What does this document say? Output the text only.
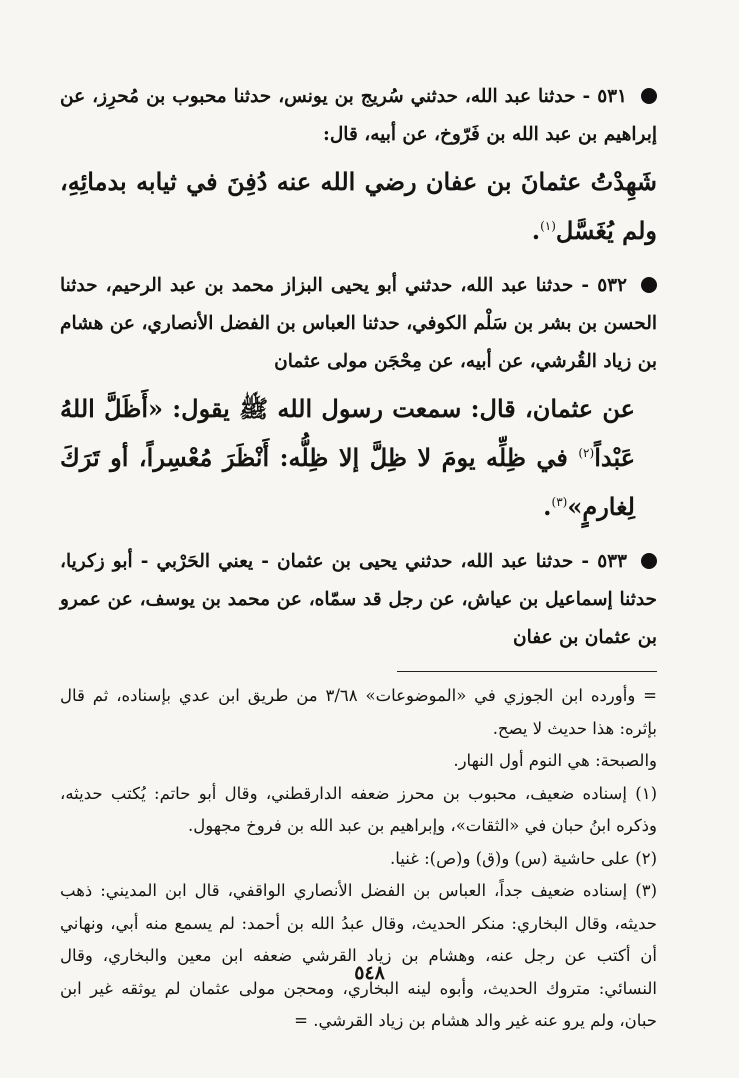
٥٣١ - حدثنا عبد الله، حدثني سُريج بن يونس، حدثنا محبوب بن مُحرِز، عن إبراهيم بن عبد الله بن فَرّوخ، عن أبيه، قال:

شَهِدْتُ عثمانَ بن عفان رضي الله عنه دُفِنَ في ثيابه بدمائِهِ، ولم يُغَسَّل$^{(١)}$.

٥٣٢ - حدثنا عبد الله، حدثني أبو يحيى البزاز محمد بن عبد الرحيم، حدثنا الحسن بن بشر بن سَلْم الكوفي، حدثنا العباس بن الفضل الأنصاري، عن هشام بن زياد القُرشي، عن أبيه، عن مِحْجَن مولى عثمان

عن عثمان، قال: سمعت رسول الله ﷺ يقول: «أَظَلَّ اللهُ عَبْداً$^{(٢)}$ في ظِلِّه يومَ لا ظِلَّ إلا ظِلُّه: أَنْظَرَ مُعْسِراً، أو تَرَكَ لِغارمٍ»$^{(٣)}$.

٥٣٣ - حدثنا عبد الله، حدثني يحيى بن عثمان - يعني الحَرْبي - أبو زكريا، حدثنا إسماعيل بن عياش، عن رجل قد سمّاه، عن محمد بن يوسف، عن عمرو بن عثمان بن عفان

= وأورده ابن الجوزي في «الموضوعات» ٣/٦٨ من طريق ابن عدي بإسناده، ثم قال بإثره: هذا حديث لا يصح.

والصبحة: هي النوم أول النهار.

(١) إسناده ضعيف، محبوب بن محرز ضعفه الدارقطني، وقال أبو حاتم: يُكتب حديثه، وذكره ابنُ حبان في «الثقات»، وإبراهيم بن عبد الله بن فروخ مجهول.

(٢) على حاشية (س) و(ق) و(ص): غنيا.

(٣) إسناده ضعيف جداً، العباس بن الفضل الأنصاري الواقفي، قال ابن المديني: ذهب حديثه، وقال البخاري: منكر الحديث، وقال عبدُ الله بن أحمد: لم يسمع منه أبي، ونهاني أن أكتب عن رجل عنه، وهشام بن زياد القرشي ضعفه ابن معين والبخاري، وقال النسائي: متروك الحديث، وأبوه لينه البخاري، ومحجن مولى عثمان لم يوثقه غير ابن حبان، ولم يرو عنه غير والد هشام بن زياد القرشي. =

٥٤٨
